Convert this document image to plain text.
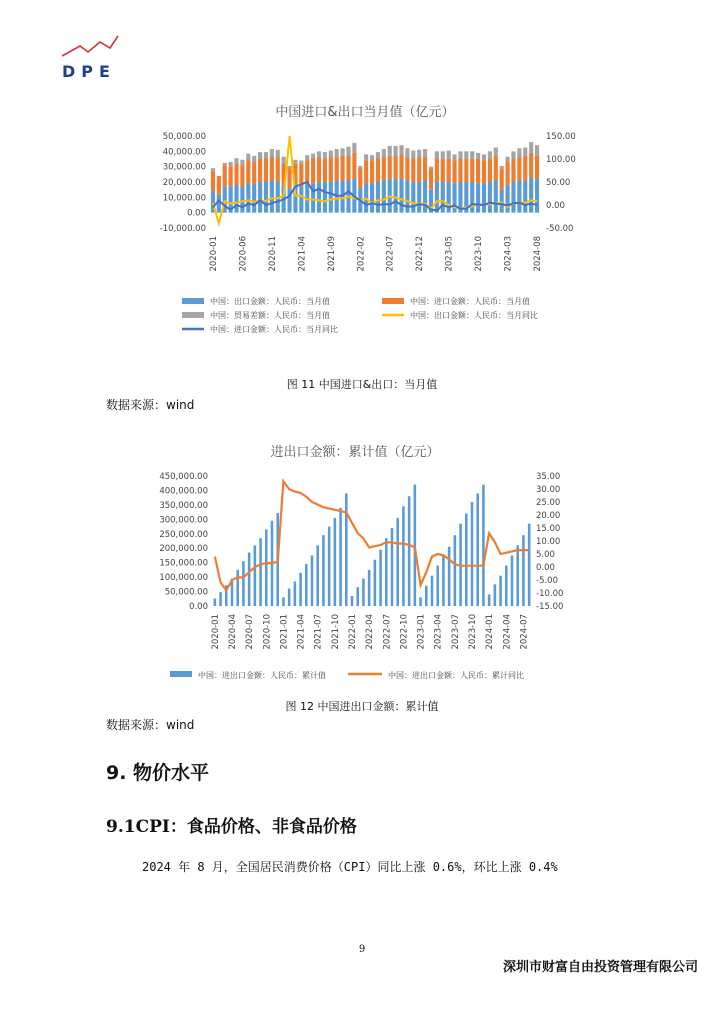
DPE
中国进口&出口当月值（亿元）
50,000.00
40,000.00
30,000.00
20,000.00
10,000.00
0.00
-10,000.00
150.00
100.00
50.00
0.00
-50.00
2020-01 2020-06 2020-11 2021-04 2021-09 2022-02 2022-07 2022-12 2023-05 2023-10 2024-03 2024-08
中国：出口金额：人民币：当月值	中国：进口金额：人民币：当月值
中国：贸易差额：人民币：当月值	中国：出口金额：人民币：当月同比
中国：进口金额：人民币：当月同比
图 11 中国进口&出口：当月值
数据来源：wind
进出口金额：累计值（亿元）
450,000.00
400,000.00
350,000.00
300,000.00
250,000.00
200,000.00
150,000.00
100,000.00
50,000.00
0.00
35.00
30.00
25.00
20.00
15.00
10.00
5.00
0.00
-5.00
-10.00
-15.00
2020-01 2020-04 2020-07 2020-10 2021-01 2021-04 2021-07 2021-10 2022-01 2022-04 2022-07 2022-10 2023-01 2023-04 2023-07 2023-10 2024-01 2024-04 2024-07
中国：进出口金额：人民币：累计值	中国：进出口金额：人民币：累计同比
图 12 中国进出口金额：累计值
数据来源：wind
9. 物价水平
9.1CPI：食品价格、非食品价格
2024 年 8 月，全国居民消费价格（CPI）同比上涨 0.6%，环比上涨 0.4%
9
深圳市财富自由投资管理有限公司
